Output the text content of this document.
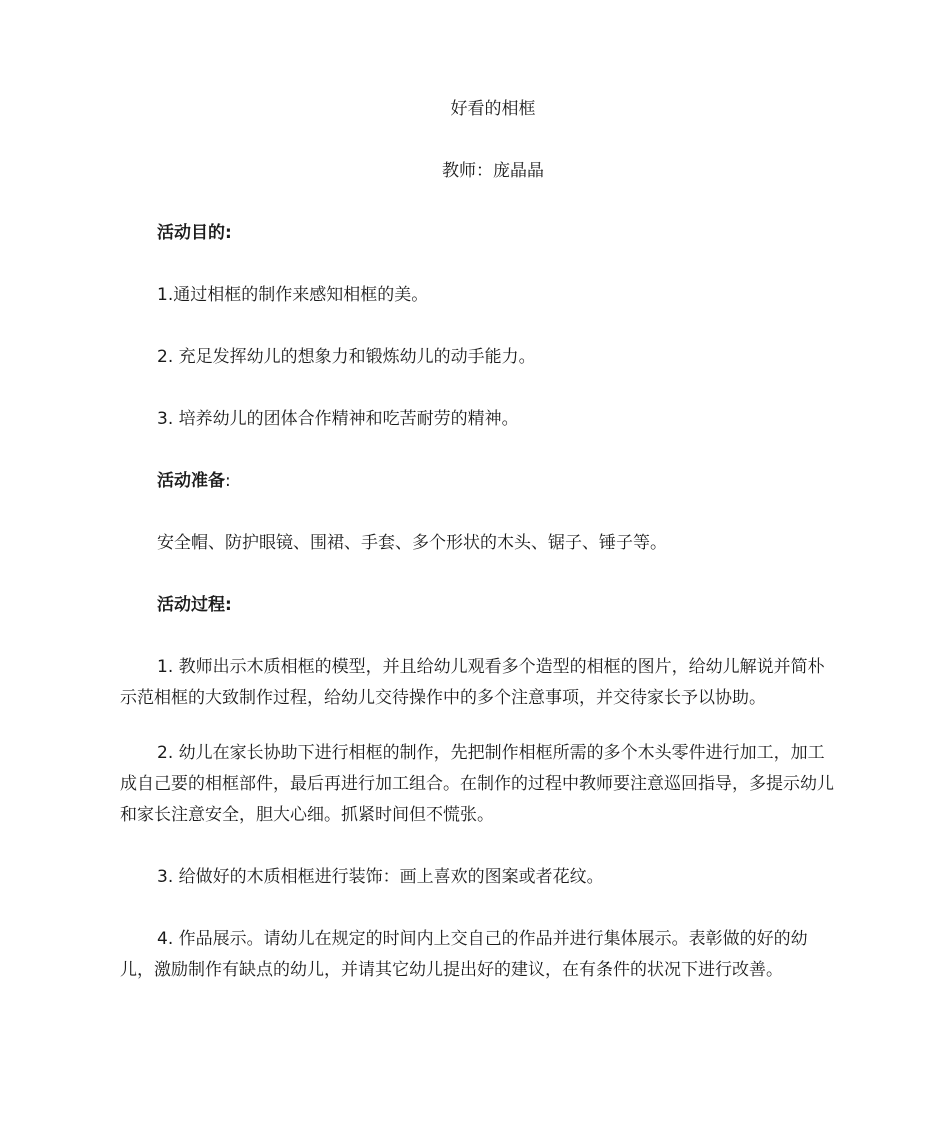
好看的相框
教师：庞晶晶
活动目的:
1.通过相框的制作来感知相框的美。
2. 充足发挥幼儿的想象力和锻炼幼儿的动手能力。
3. 培养幼儿的团体合作精神和吃苦耐劳的精神。
活动准备:
安全帽、防护眼镜、围裙、手套、多个形状的木头、锯子、锤子等。
活动过程:
1. 教师出示木质相框的模型，并且给幼儿观看多个造型的相框的图片，给幼儿解说并简朴示范相框的大致制作过程，给幼儿交待操作中的多个注意事项，并交待家长予以协助。
2. 幼儿在家长协助下进行相框的制作，先把制作相框所需的多个木头零件进行加工，加工成自己要的相框部件，最后再进行加工组合。在制作的过程中教师要注意巡回指导，多提示幼儿和家长注意安全，胆大心细。抓紧时间但不慌张。
3. 给做好的木质相框进行装饰：画上喜欢的图案或者花纹。
4. 作品展示。请幼儿在规定的时间内上交自己的作品并进行集体展示。表彰做的好的幼儿，激励制作有缺点的幼儿，并请其它幼儿提出好的建议，在有条件的状况下进行改善。
